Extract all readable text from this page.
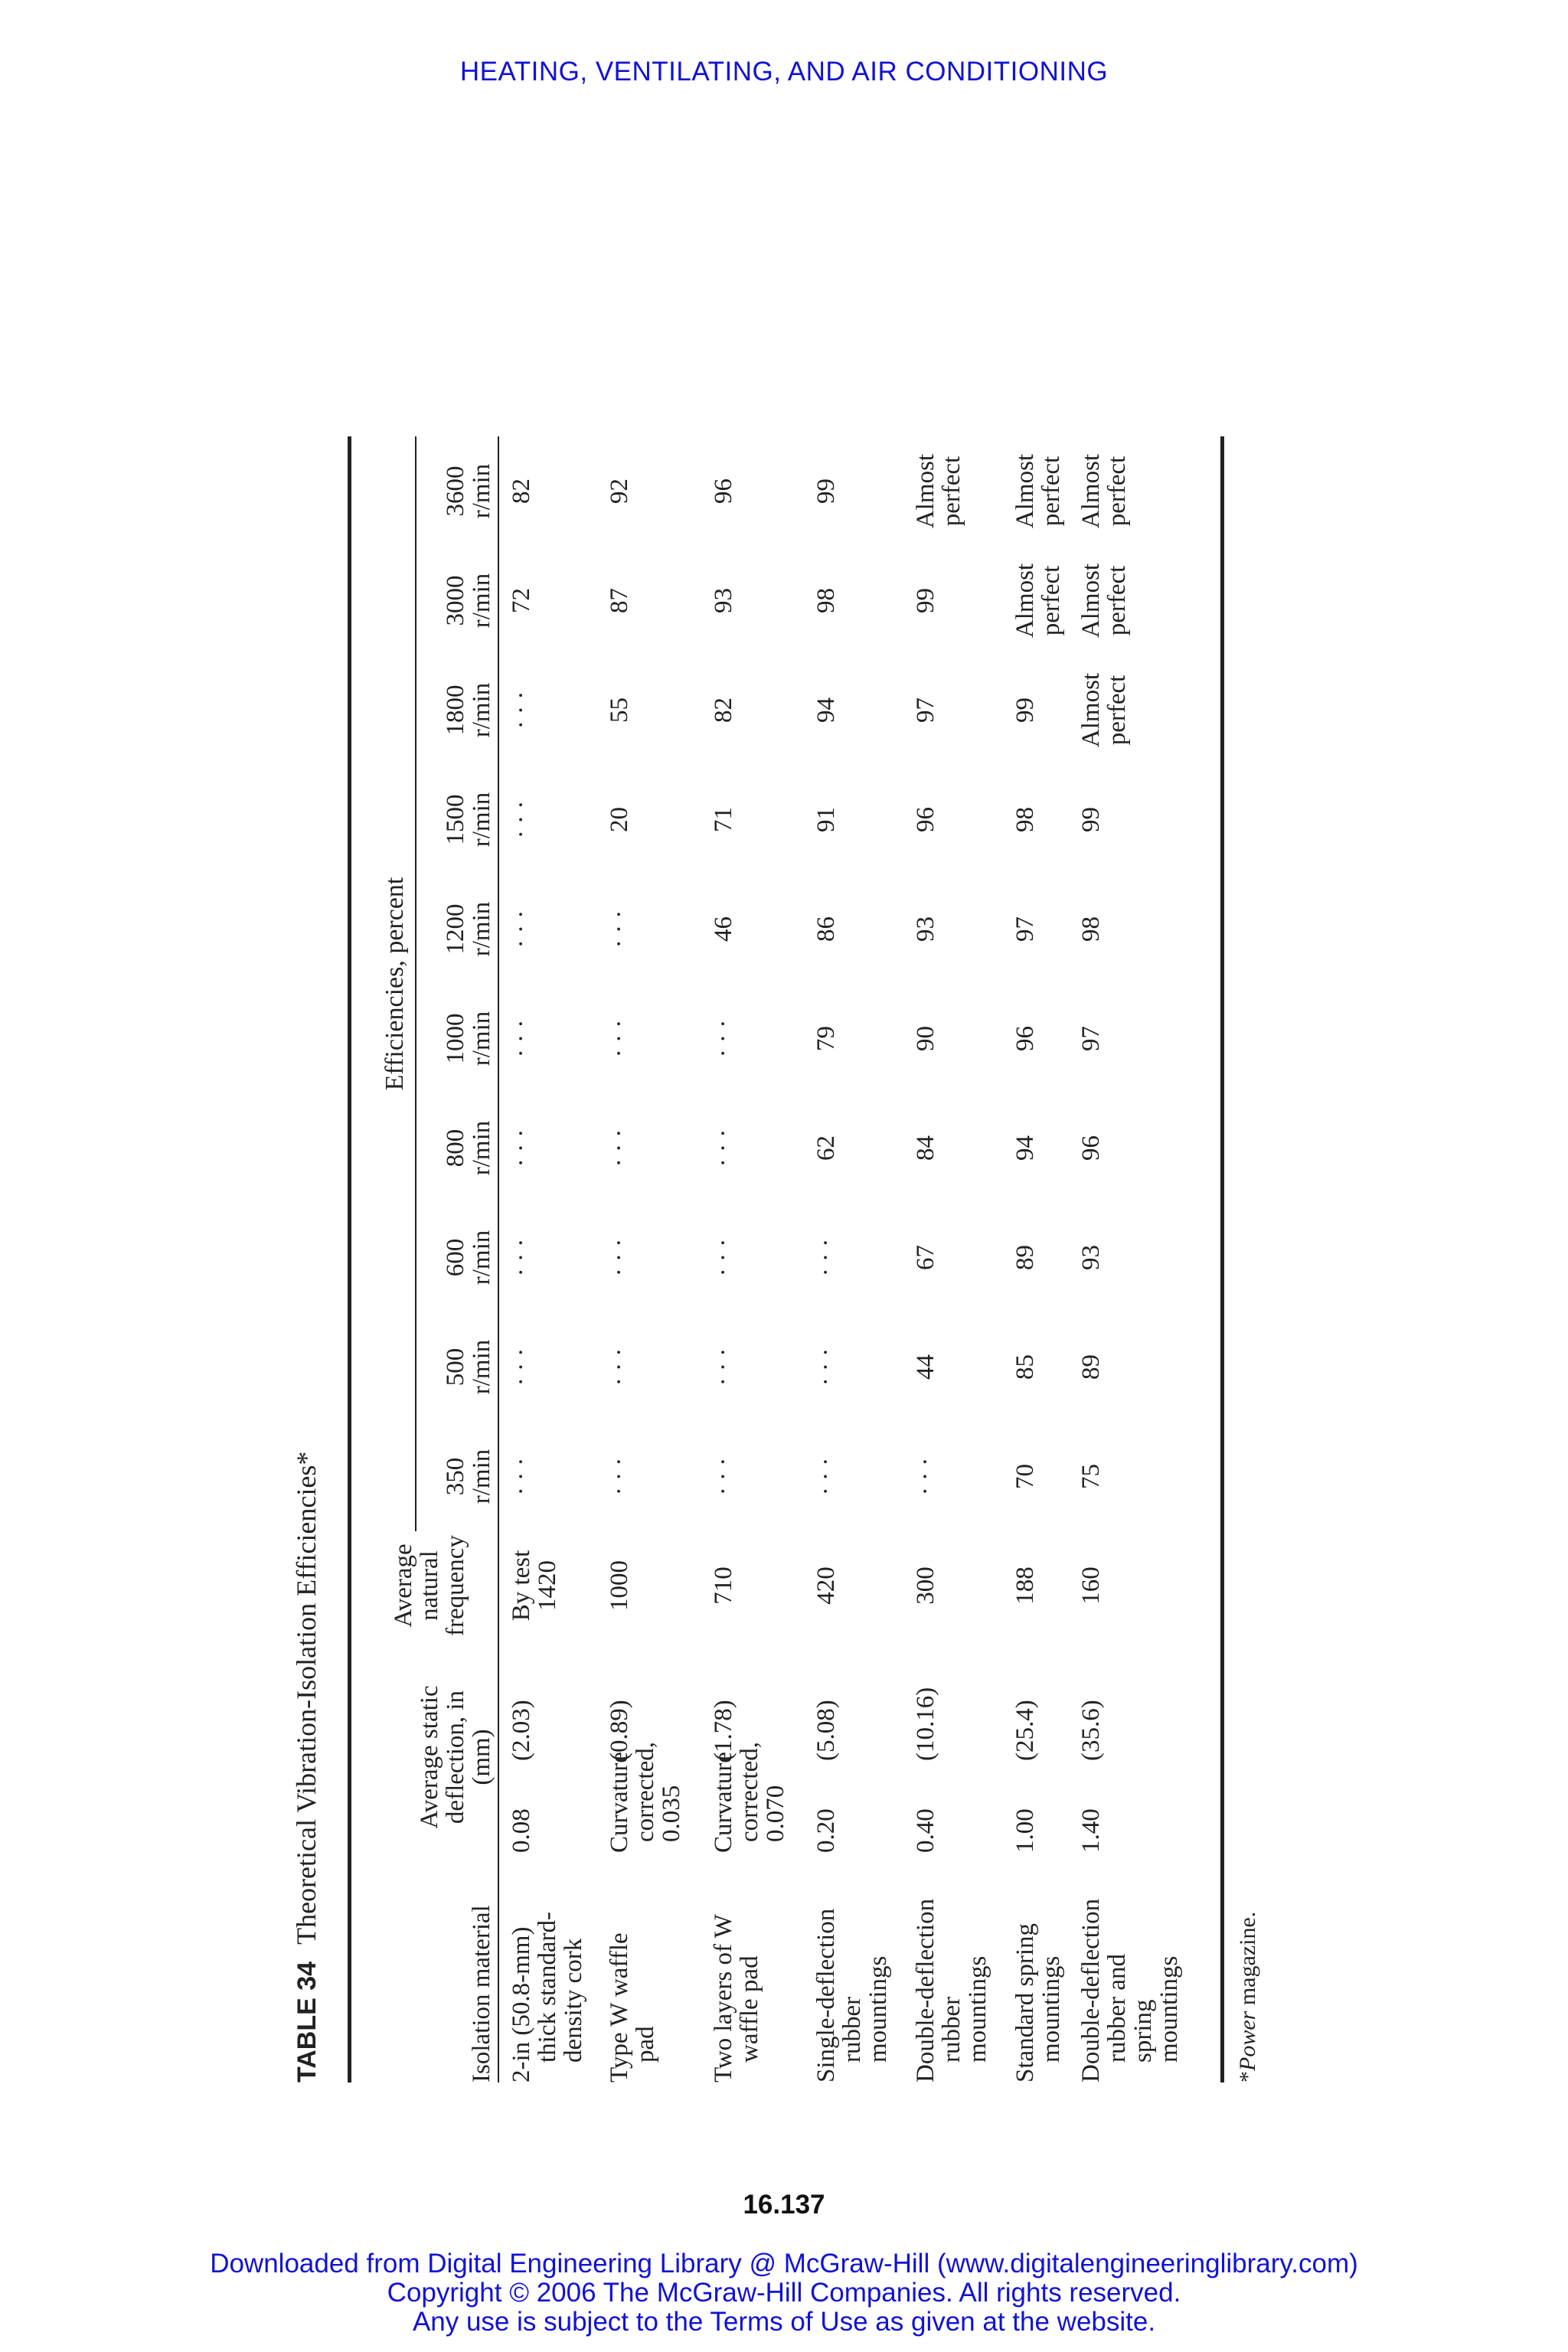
HEATING, VENTILATING, AND AIR CONDITIONING
TABLE 34Theoretical Vibration-Isolation Efficiencies*
Efficiencies, percent
Isolation material
Average static
deflection, in
(mm)
Average
natural
frequency
350
r/min
500
r/min
600
r/min
800
r/min
1000
r/min
1200
r/min
1500
r/min
1800
r/min
3000
r/min
3600
r/min
2-in (50.8-mm)
thick standard-
density cork
0.08(2.03)
By test
1420
· · ·
· · ·
· · ·
· · ·
· · ·
· · ·
· · ·
· · ·
72
82
Type W waffle
pad
Curvature(0.89)
corrected,
0.035
1000
· · ·
· · ·
· · ·
· · ·
· · ·
· · ·
20
55
87
92
Two layers of W
waffle pad
Curvature(1.78)
corrected,
0.070
710
· · ·
· · ·
· · ·
· · ·
· · ·
46
71
82
93
96
Single-deflection
rubber
mountings
0.20(5.08)
420
· · ·
· · ·
· · ·
62
79
86
91
94
98
99
Double-deflection
rubber
mountings
0.40(10.16)
300
· · ·
44
67
84
90
93
96
97
99
Almost
perfect
Standard spring
mountings
1.00(25.4)
188
70
85
89
94
96
97
98
99
Almost
perfect
Almost
perfect
Double-deflection
rubber and
spring
mountings
1.40(35.6)
160
75
89
93
96
97
98
99
Almost
perfect
Almost
perfect
Almost
perfect
*Power magazine.
16.137
Downloaded from Digital Engineering Library @ McGraw-Hill (www.digitalengineeringlibrary.com)
Copyright © 2006 The McGraw-Hill Companies. All rights reserved.
Any use is subject to the Terms of Use as given at the website.
